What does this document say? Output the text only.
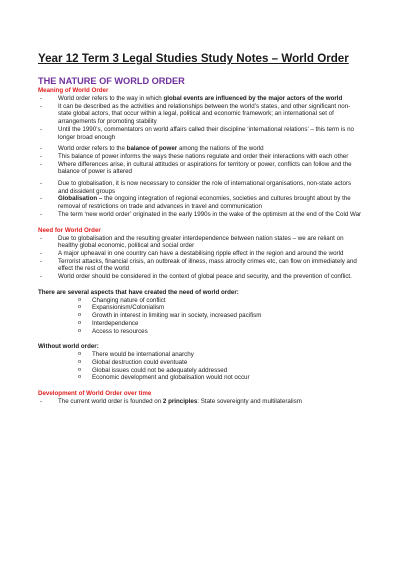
Year 12 Term 3 Legal Studies Study Notes – World Order
THE NATURE OF WORLD ORDER
Meaning of World Order
- World order refers to the way in which global events are influenced by the major actors of the world
- It can be described as the activities and relationships between the world’s states, and other significant non-state global actors, that occur within a legal, political and economic framework; an international set of arrangements for promoting stability
- Until the 1990’s, commentators on world affairs called their discipline ‘international relations’ – this term is no longer broad enough
- World order refers to the balance of power among the nations of the world
- This balance of power informs the ways these nations regulate and order their interactions with each other
- Where differences arise, in cultural attitudes or aspirations for territory or power, conflicts can follow and the balance of power is altered
- Due to globalisation, it is now necessary to consider the role of international organisations, non-state actors and dissident groups
- Globalisation – the ongoing integration of regional economies, societies and cultures brought about by the removal of restrictions on trade and advances in travel and communication
- The term ‘new world order’ originated in the early 1990s in the wake of the optimism at the end of the Cold War
Need for World Order
- Due to globalisation and the resulting greater interdependence between nation states – we are reliant on healthy global economic, political and social order
- A major upheaval in one country can have a destabilising ripple effect in the region and around the world
- Terrorist attacks, financial crisis, an outbreak of illness, mass atrocity crimes etc, can flow on immediately and effect the rest of the world
- World order should be considered in the context of global peace and security, and the prevention of conflict.
There are several aspects that have created the need of world order:
o Changing nature of conflict
o Expansionism/Colonialism
o Growth in interest in limiting war in society, increased pacifism
o Interdependence
o Access to resources
Without world order:
o There would be international anarchy
o Global destruction could eventuate
o Global issues could not be adequately addressed
o Economic development and globalisation would not occur
Development of World Order over time
- The current world order is founded on 2 principles: State sovereignty and multilateralism
